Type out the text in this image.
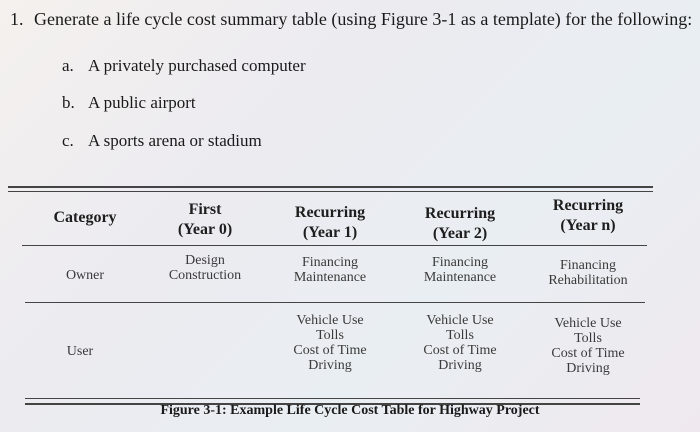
1. Generate a life cycle cost summary table (using Figure 3-1 as a template) for the following:
a. A privately purchased computer
b. A public airport
c. A sports arena or stadium
Category	First
(Year 0)
Recurring
(Year 1)
Recurring
(Year 2)
Recurring
(Year n)
Owner
Design
Construction
Financing
Maintenance
Financing
Maintenance
Financing
Rehabilitation
User
Vehicle Use
Tolls
Cost of Time
Driving
Vehicle Use
Tolls
Cost of Time
Driving
Vehicle Use
Tolls
Cost of Time
Driving
Figure 3-1: Example Life Cycle Cost Table for Highway Project
